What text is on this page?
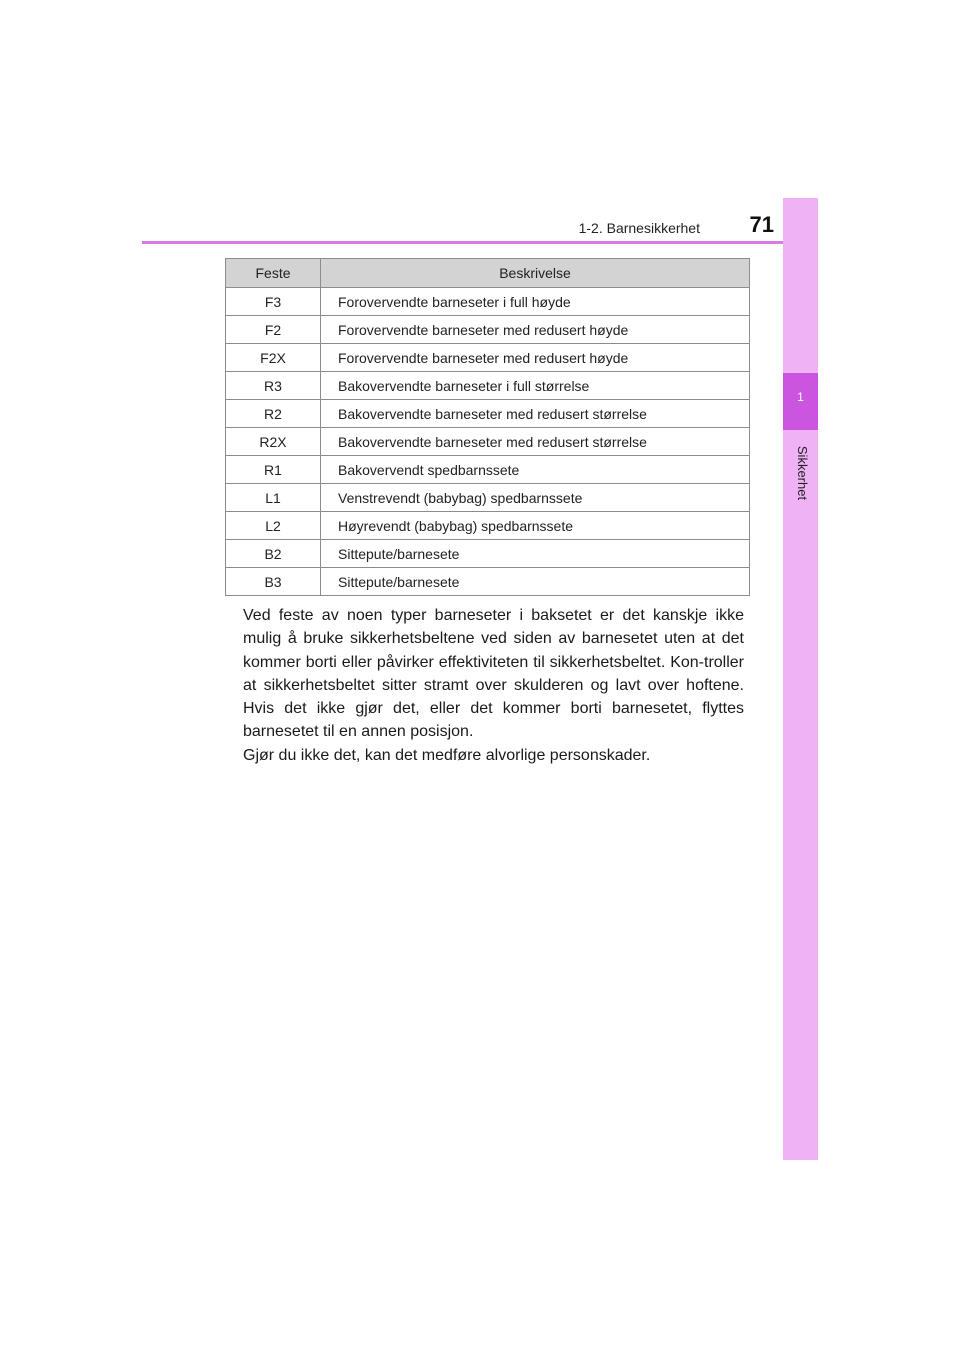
1-2. Barnesikkerhet	71
1
Sikkerhet
Feste	Beskrivelse
F3	Forovervendte barneseter i full høyde
F2	Forovervendte barneseter med redusert høyde
F2X	Forovervendte barneseter med redusert høyde
R3	Bakovervendte barneseter i full størrelse
R2	Bakovervendte barneseter med redusert størrelse
R2X	Bakovervendte barneseter med redusert størrelse
R1	Bakovervendt spedbarnssete
L1	Venstrevendt (babybag) spedbarnssete
L2	Høyrevendt (babybag) spedbarnssete
B2	Sittepute/barnesete
B3	Sittepute/barnesete

Ved feste av noen typer barneseter i baksetet er det kanskje ikke mulig å bruke sikkerhetsbeltene ved siden av barnesetet uten at det kommer borti eller påvirker effektiviteten til sikkerhetsbeltet. Kon-troller at sikkerhetsbeltet sitter stramt over skulderen og lavt over hoftene. Hvis det ikke gjør det, eller det kommer borti barnesetet, flyttes barnesetet til en annen posisjon.

Gjør du ikke det, kan det medføre alvorlige personskader.
